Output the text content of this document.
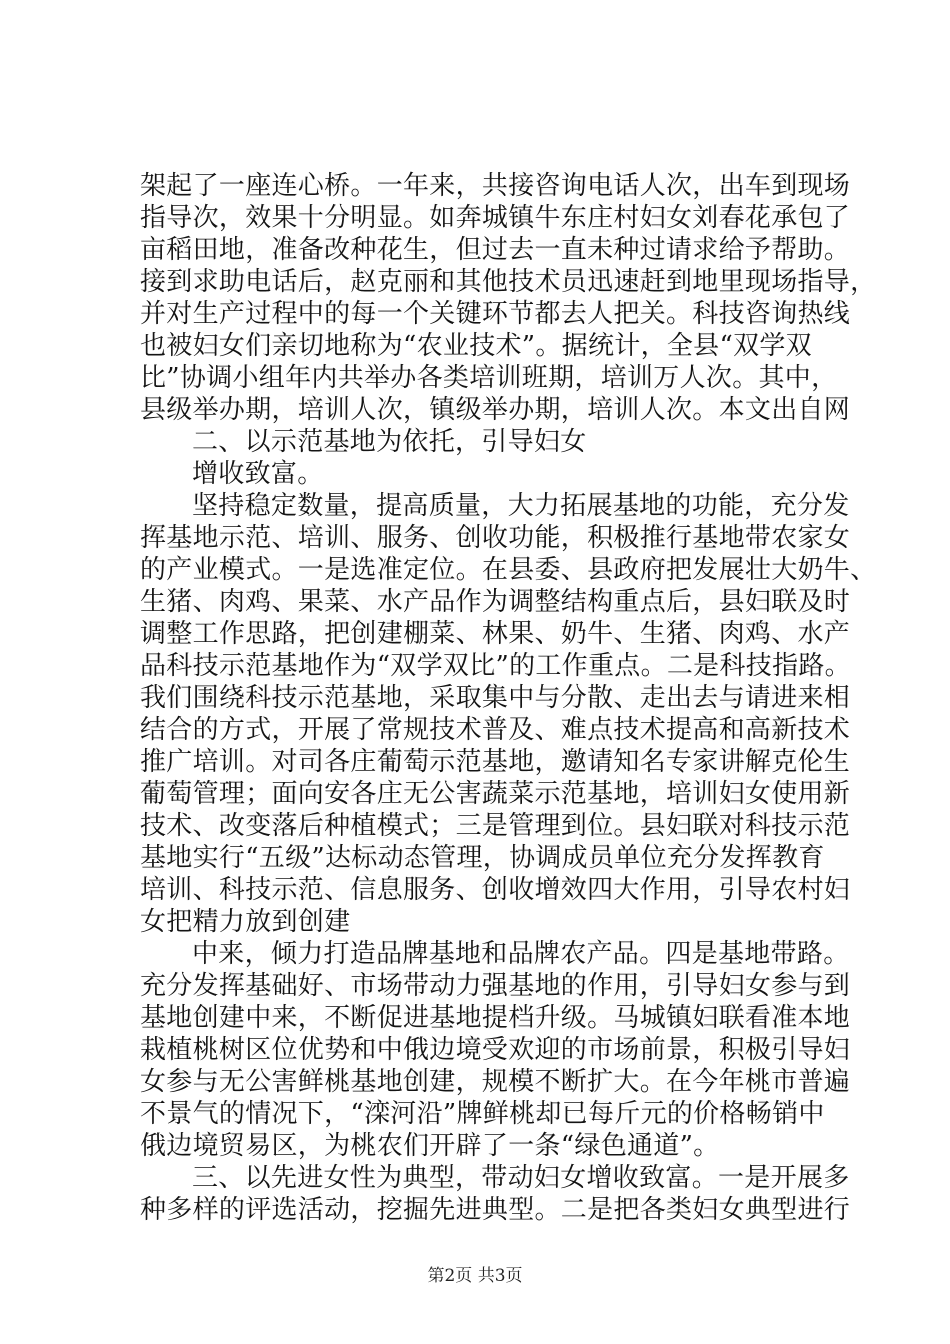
架起了一座连心桥。一年来，共接咨询电话人次，出车到现场
指导次，效果十分明显。如奔城镇牛东庄村妇女刘春花承包了
亩稻田地，准备改种花生，但过去一直未种过请求给予帮助。
接到求助电话后，赵克丽和其他技术员迅速赶到地里现场指导，
并对生产过程中的每一个关键环节都去人把关。科技咨询热线
也被妇女们亲切地称为“农业技术”。据统计，全县“双学双
比”协调小组年内共举办各类培训班期，培训万人次。其中，
县级举办期，培训人次，镇级举办期，培训人次。本文出自网
二、以示范基地为依托，引导妇女
增收致富。
坚持稳定数量，提高质量，大力拓展基地的功能，充分发
挥基地示范、培训、服务、创收功能，积极推行基地带农家女
的产业模式。一是选准定位。在县委、县政府把发展壮大奶牛、
生猪、肉鸡、果菜、水产品作为调整结构重点后，县妇联及时
调整工作思路，把创建棚菜、林果、奶牛、生猪、肉鸡、水产
品科技示范基地作为“双学双比”的工作重点。二是科技指路。
我们围绕科技示范基地，采取集中与分散、走出去与请进来相
结合的方式，开展了常规技术普及、难点技术提高和高新技术
推广培训。对司各庄葡萄示范基地，邀请知名专家讲解克伦生
葡萄管理；面向安各庄无公害蔬菜示范基地，培训妇女使用新
技术、改变落后种植模式；三是管理到位。县妇联对科技示范
基地实行“五级”达标动态管理，协调成员单位充分发挥教育
培训、科技示范、信息服务、创收增效四大作用，引导农村妇
女把精力放到创建
中来，倾力打造品牌基地和品牌农产品。四是基地带路。
充分发挥基础好、市场带动力强基地的作用，引导妇女参与到
基地创建中来，不断促进基地提档升级。马城镇妇联看准本地
栽植桃树区位优势和中俄边境受欢迎的市场前景，积极引导妇
女参与无公害鲜桃基地创建，规模不断扩大。在今年桃市普遍
不景气的情况下，“滦河沿”牌鲜桃却已每斤元的价格畅销中
俄边境贸易区，为桃农们开辟了一条“绿色通道”。
三、以先进女性为典型，带动妇女增收致富。一是开展多
种多样的评选活动，挖掘先进典型。二是把各类妇女典型进行
第2页 共3页
